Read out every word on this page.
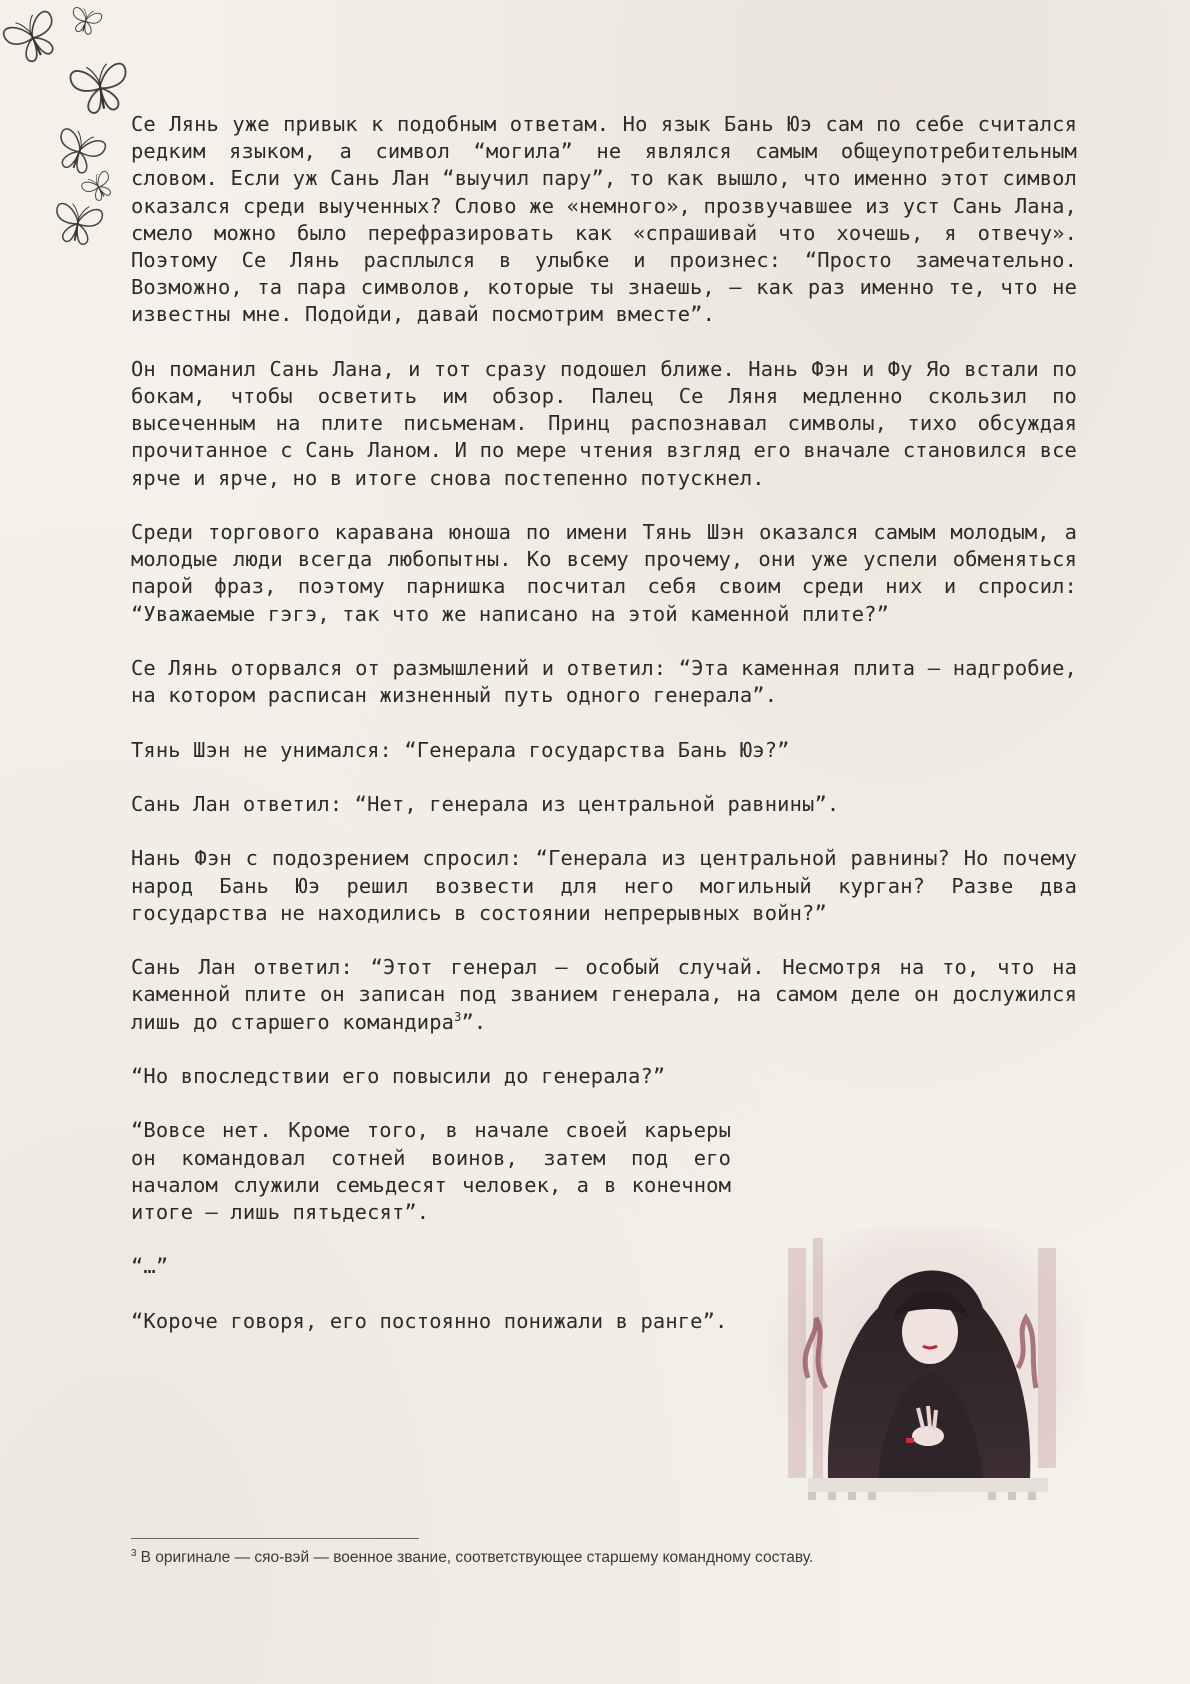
Се Лянь уже привык к подобным ответам. Но язык Бань Юэ сам по себе считался редким языком, а символ “могила” не являлся самым общеупотребительным словом. Если уж Сань Лан “выучил пару”, то как вышло, что именно этот символ оказался среди выученных? Слово же «немного», прозвучавшее из уст Сань Лана, смело можно было перефразировать как «спрашивай что хочешь, я отвечу». Поэтому Се Лянь расплылся в улыбке и произнес: “Просто замечательно. Возможно, та пара символов, которые ты знаешь, — как раз именно те, что не известны мне. Подойди, давай посмотрим вместе”.

Он поманил Сань Лана, и тот сразу подошел ближе. Нань Фэн и Фу Яо встали по бокам, чтобы осветить им обзор. Палец Се Ляня медленно скользил по высеченным на плите письменам. Принц распознавал символы, тихо обсуждая прочитанное с Сань Ланом. И по мере чтения взгляд его вначале становился все ярче и ярче, но в итоге снова постепенно потускнел.

Среди торгового каравана юноша по имени Тянь Шэн оказался самым молодым, а молодые люди всегда любопытны. Ко всему прочему, они уже успели обменяться парой фраз, поэтому парнишка посчитал себя своим среди них и спросил: “Уважаемые гэгэ, так что же написано на этой каменной плите?”

Се Лянь оторвался от размышлений и ответил: “Эта каменная плита — надгробие, на котором расписан жизненный путь одного генерала”.

Тянь Шэн не унимался: “Генерала государства Бань Юэ?”

Сань Лан ответил: “Нет, генерала из центральной равнины”.

Нань Фэн с подозрением спросил: “Генерала из центральной равнины? Но почему народ Бань Юэ решил возвести для него могильный курган? Разве два государства не находились в состоянии непрерывных войн?”

Сань Лан ответил: “Этот генерал — особый случай. Несмотря на то, что на каменной плите он записан под званием генерала, на самом деле он дослужился лишь до старшего командира$^3$”.

“Но впоследствии его повысили до генерала?”

“Вовсе нет. Кроме того, в начале своей карьеры он командовал сотней воинов, затем под его началом служили семьдесят человек, а в конечном итоге — лишь пятьдесят”.

“…”

“Короче говоря, его постоянно понижали в ранге”.

$^3$ В оригинале — сяо-вэй — военное звание, соответствующее старшему командному составу.
